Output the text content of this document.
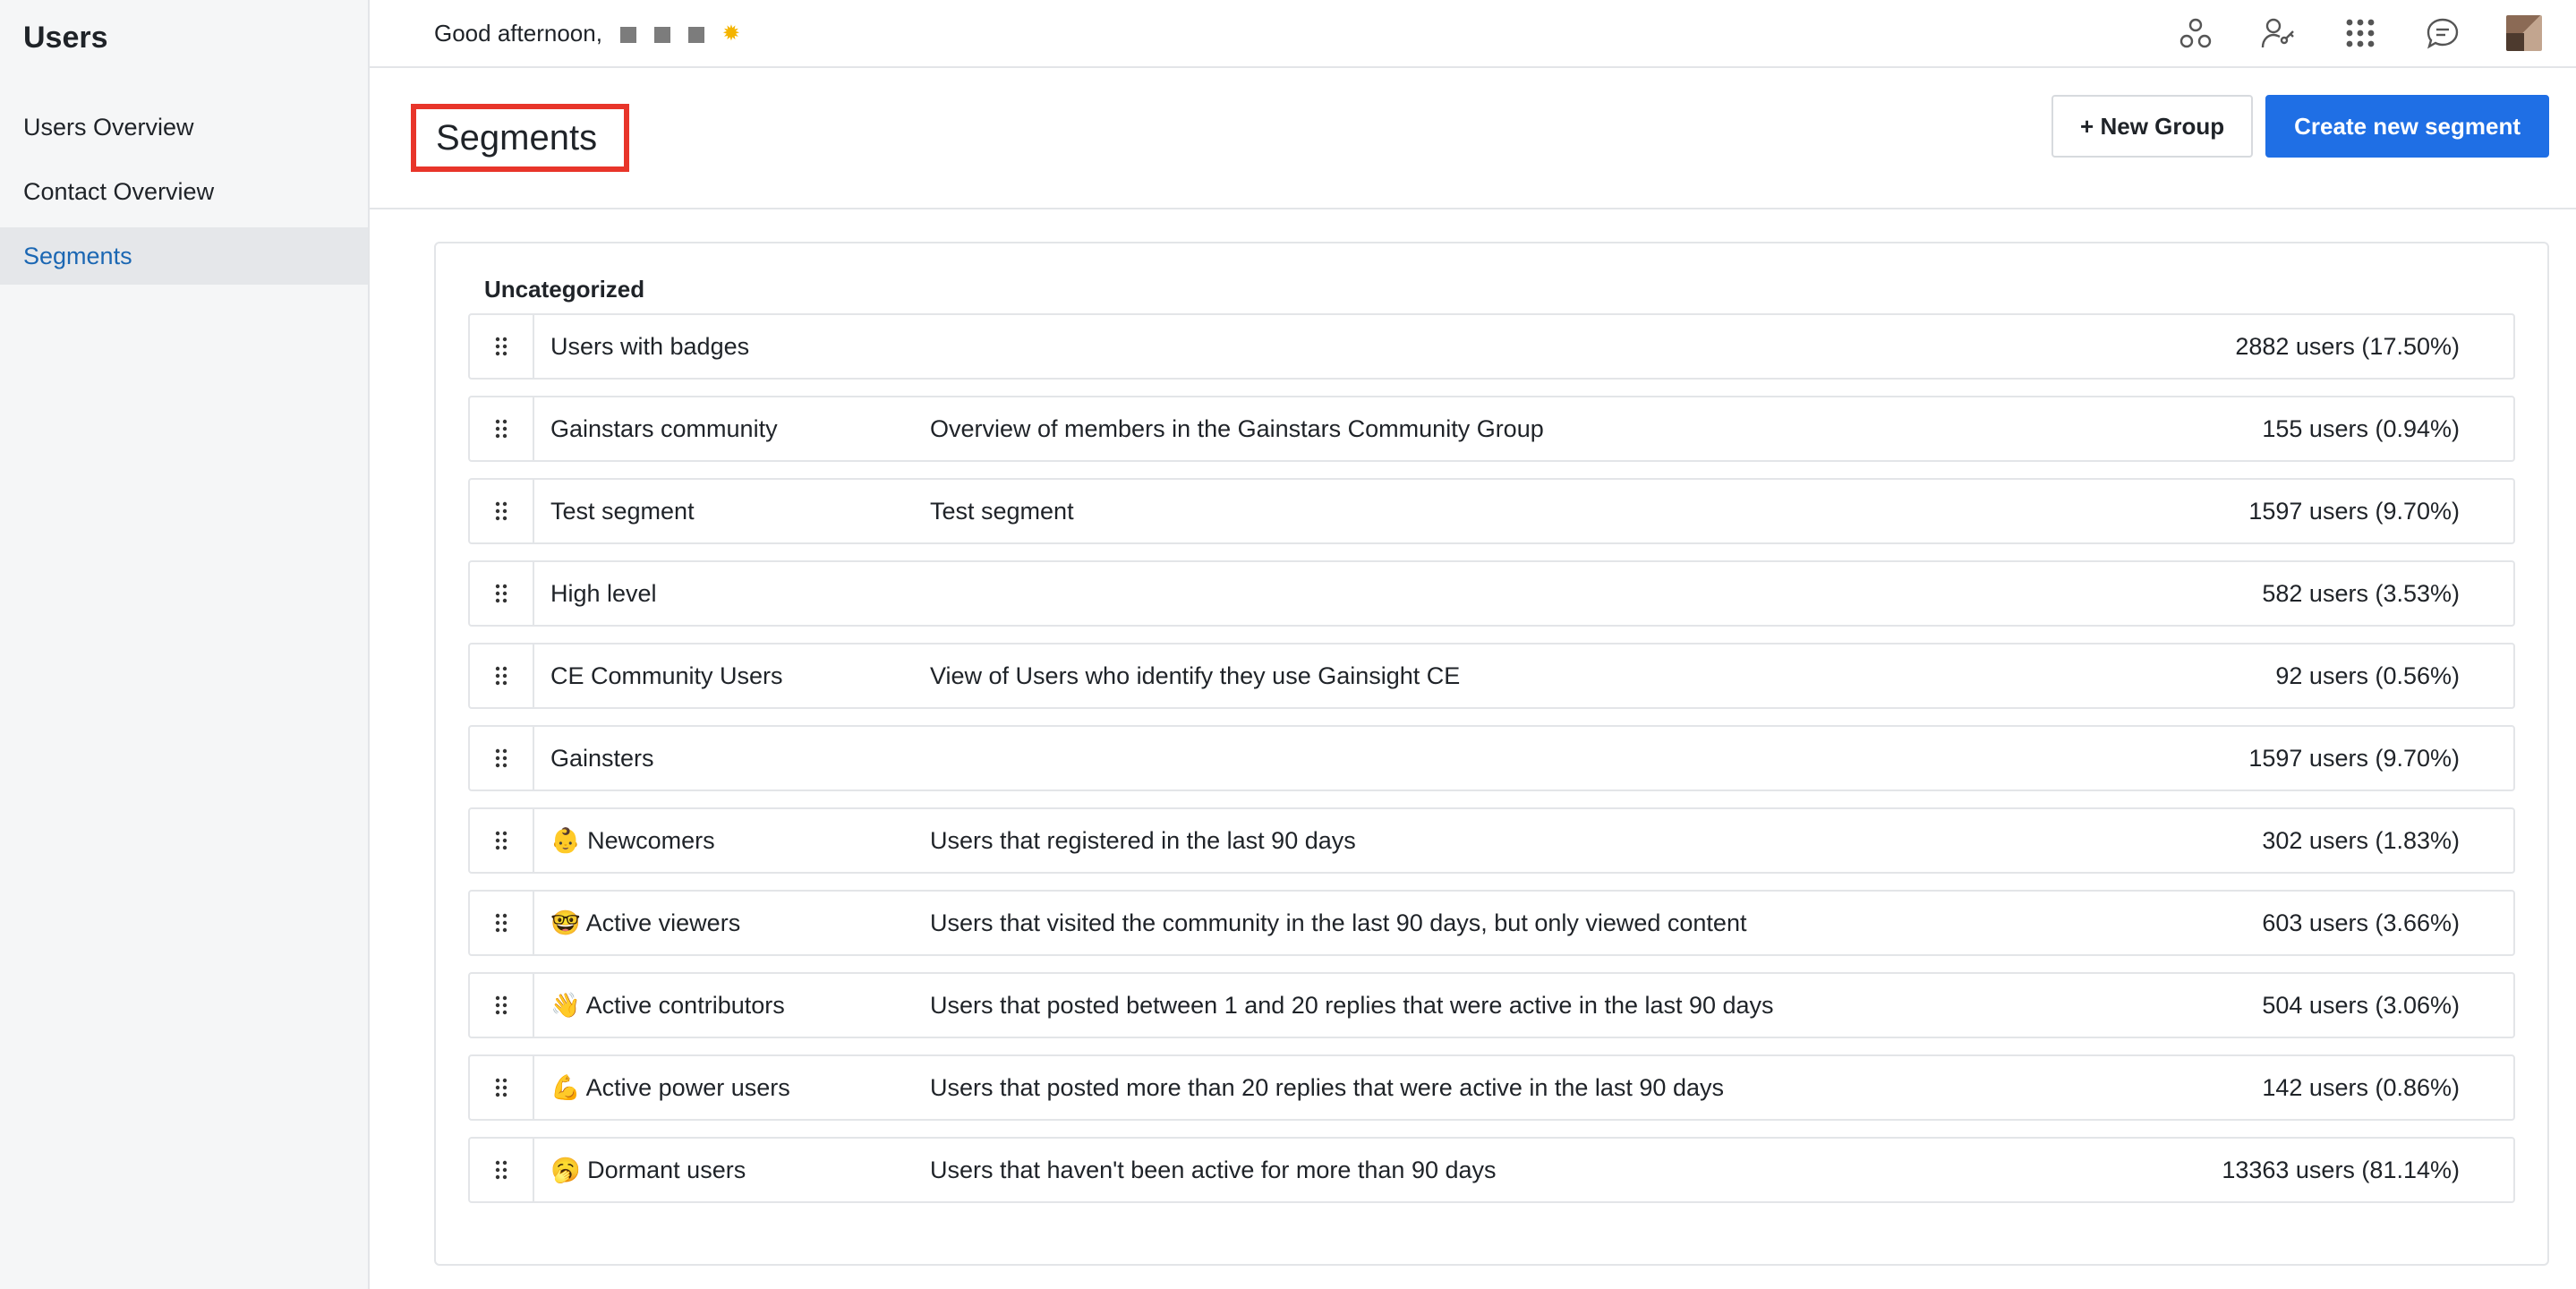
Users
Users Overview
Contact Overview
Segments
Good afternoon,	✹
Segments	+ New Group	Create new segment
Uncategorized
Users with badges	2882 users (17.50%)
Gainstars community	Overview of members in the Gainstars Community Group	155 users (0.94%)
Test segment	Test segment	1597 users (9.70%)
High level	582 users (3.53%)
CE Community Users	View of Users who identify they use Gainsight CE	92 users (0.56%)
Gainsters	1597 users (9.70%)
👶 Newcomers	Users that registered in the last 90 days	302 users (1.83%)
🤓 Active viewers	Users that visited the community in the last 90 days, but only viewed content	603 users (3.66%)
👋 Active contributors	Users that posted between 1 and 20 replies that were active in the last 90 days	504 users (3.06%)
💪 Active power users	Users that posted more than 20 replies that were active in the last 90 days	142 users (0.86%)
🥱 Dormant users	Users that haven't been active for more than 90 days	13363 users (81.14%)
